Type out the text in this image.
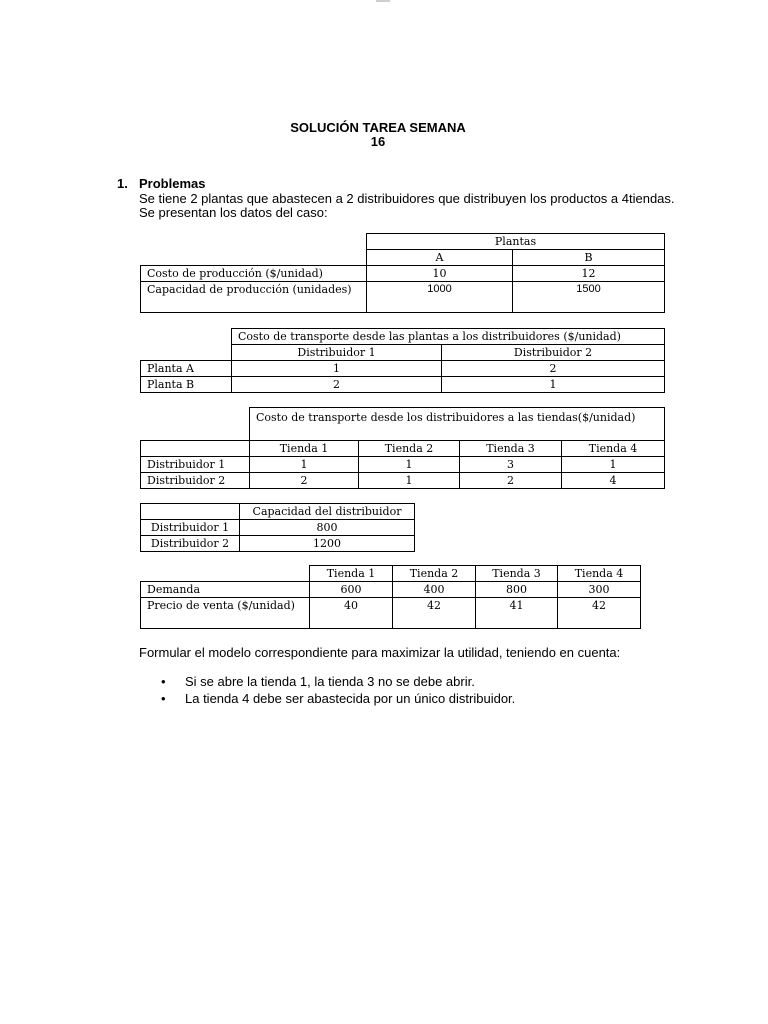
SOLUCIÓN TAREA SEMANA
16
1. Problemas
Se tiene 2 plantas que abastecen a 2 distribuidores que distribuyen los productos a 4tiendas.
Se presentan los datos del caso:
	Plantas	
	A	B
Costo de producción ($/unidad)	10	12
Capacidad de producción (unidades)	1000	1500
	Costo de transporte desde las plantas a los distribuidores ($/unidad)	
	Distribuidor 1	Distribuidor 2
Planta A	1	2
Planta B	2	1
	Costo de transporte desde los distribuidores a las tiendas($/unidad)			
	Tienda 1	Tienda 2	Tienda 3	Tienda 4
Distribuidor 1	1	1	3	1
Distribuidor 2	2	1	2	4
	Capacidad del distribuidor
Distribuidor 1	800
Distribuidor 2	1200
	Tienda 1	Tienda 2	Tienda 3	Tienda 4
Demanda	600	400	800	300
Precio de venta ($/unidad)	40	42	41	42
Formular el modelo correspondiente para maximizar la utilidad, teniendo en cuenta:
• Si se abre la tienda 1, la tienda 3 no se debe abrir.
• La tienda 4 debe ser abastecida por un único distribuidor.
